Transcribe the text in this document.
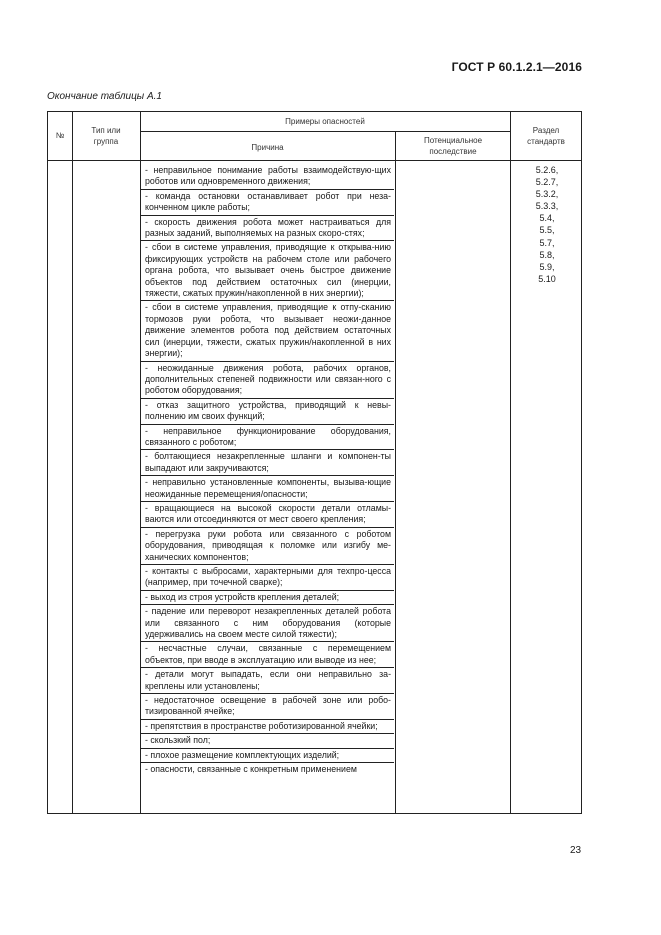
ГОСТ Р 60.1.2.1—2016
Окончание таблицы А.1
№
Тип или группа
Примеры опасностей
Причина
Потенциальное последствие
Раздел стандартв
- неправильное понимание работы взаимодействую-щих роботов или одновременного движения;
- команда остановки останавливает робот при неза-конченном цикле работы;
- скорость движения робота может настраиваться для разных заданий, выполняемых на разных скоро-стях;
- сбои в системе управления, приводящие к открыва-нию фиксирующих устройств на рабочем столе или рабочего органа робота, что вызывает очень быстрое движение объектов под действием остаточных сил (инерции, тяжести, сжатых пружин/накопленной в них энергии);
- сбои в системе управления, приводящие к отпу-сканию тормозов руки робота, что вызывает неожи-данное движение элементов робота под действием остаточных сил (инерции, тяжести, сжатых пружин/накопленной в них энергии);
- неожиданные движения робота, рабочих органов, дополнительных степеней подвижности или связан-ного с роботом оборудования;
- отказ защитного устройства, приводящий к невы-полнению им своих функций;
- неправильное функционирование оборудования, связанного с роботом;
- болтающиеся незакрепленные шланги и компонен-ты выпадают или закручиваются;
- неправильно установленные компоненты, вызыва-ющие неожиданные перемещения/опасности;
- вращающиеся на высокой скорости детали отламы-ваются или отсоединяются от мест своего крепления;
- перегрузка руки робота или связанного с роботом оборудования, приводящая к поломке или изгибу ме-ханических компонентов;
- контакты с выбросами, характерными для техпро-цесса (например, при точечной сварке);
- выход из строя устройств крепления деталей;
- падение или переворот незакрепленных деталей робота или связанного с ним оборудования (которые удерживались на своем месте силой тяжести);
- несчастные случаи, связанные с перемещением объектов, при вводе в эксплуатацию или выводе из нее;
- детали могут выпадать, если они неправильно за-креплены или установлены;
- недостаточное освещение в рабочей зоне или робо-тизированной ячейке;
- препятствия в пространстве роботизированной ячейки;
- скользкий пол;
- плохое размещение комплектующих изделий;
- опасности, связанные с конкретным применением
5.2.6,
5.2.7,
5.3.2,
5.3.3,
5.4,
5.5,
5.7,
5.8,
5.9,
5.10
23
